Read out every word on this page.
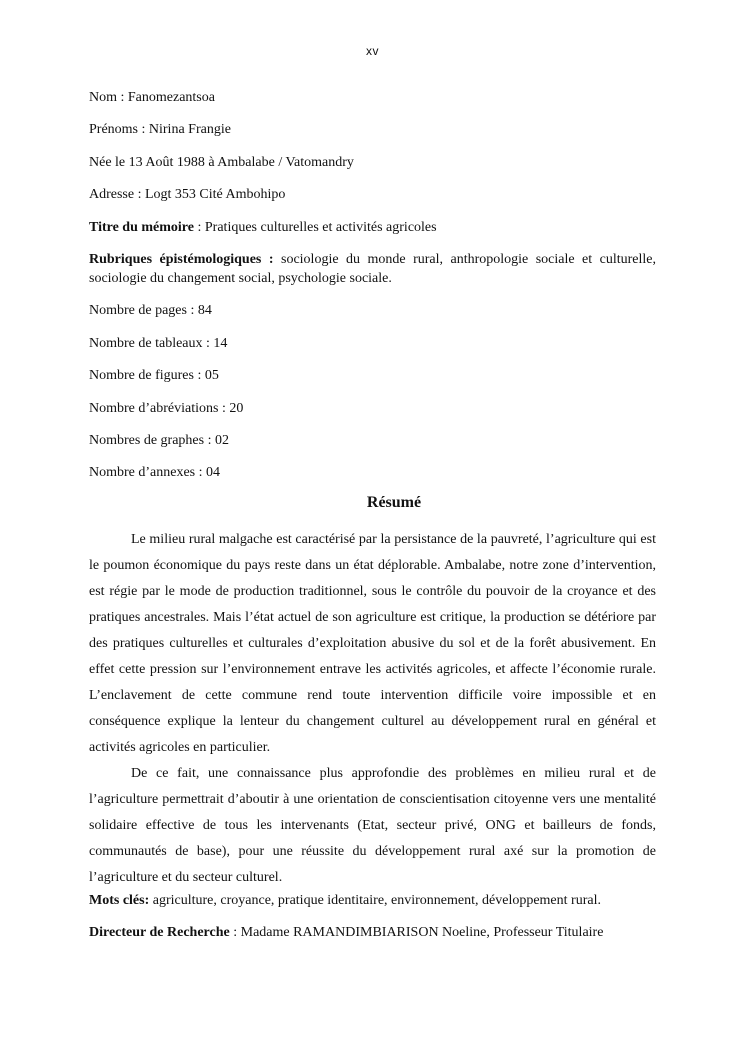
xv

Nom : Fanomezantsoa

Prénoms : Nirina Frangie

Née le 13 Août 1988 à Ambalabe / Vatomandry

Adresse : Logt 353 Cité Ambohipo

Titre du mémoire : Pratiques culturelles et activités agricoles

Rubriques épistémologiques : sociologie du monde rural, anthropologie sociale et culturelle, sociologie du changement social, psychologie sociale.

Nombre de pages : 84

Nombre de tableaux : 14

Nombre de figures : 05

Nombre d’abréviations : 20

Nombres de graphes : 02

Nombre d’annexes : 04

Résumé

Le milieu rural malgache est caractérisé par la persistance de la pauvreté, l’agriculture qui est le poumon économique du pays reste dans un état déplorable. Ambalabe, notre zone d’intervention, est régie par le mode de production traditionnel, sous le contrôle du pouvoir de la croyance et des pratiques ancestrales. Mais l’état actuel de son agriculture est critique, la production se détériore par des pratiques culturelles et culturales d’exploitation abusive du sol et de la forêt abusivement. En effet cette pression sur l’environnement entrave les activités agricoles, et affecte l’économie rurale. L’enclavement de cette commune rend toute intervention difficile voire impossible et en conséquence explique la lenteur du changement culturel au développement rural en général et activités agricoles en particulier.

De ce fait, une connaissance plus approfondie des problèmes en milieu rural et de l’agriculture permettrait d’aboutir à une orientation de conscientisation citoyenne vers une mentalité solidaire effective de tous les intervenants (Etat, secteur privé, ONG et bailleurs de fonds, communautés de base), pour une réussite du développement rural axé sur la promotion de l’agriculture et du secteur culturel.

Mots clés: agriculture, croyance, pratique identitaire, environnement, développement rural.

Directeur de Recherche : Madame RAMANDIMBIARISON Noeline, Professeur Titulaire
